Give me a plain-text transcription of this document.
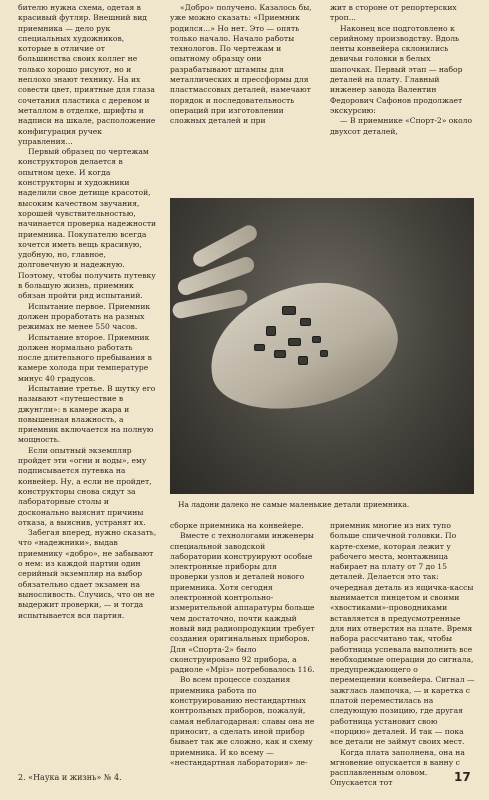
бителю нужна схема, одетая в красивый футляр. Внешний вид приемника — дело рук специальных художников, которые в отличие от большинства своих коллег не только хорошо рисуют, но и неплохо знают технику. На их совести цвет, приятные для глаза сочетания пластика с деревом и металлом в отделке, шрифты и надписи на шкале, расположение конфигурация ручек управления...

Первый образец по чертежам конструкторов делается в опытном цехе. И когда конструкторы и художники наделили свое детище красотой, высоким качеством звучания, хорошей чувствительностью, начинается проверка надежности приемника. Покупателю всегда хочется иметь вещь красивую, удобную, но, главное, долговечную и надежную. Поэтому, чтобы получить путевку в большую жизнь, приемник обязан пройти ряд испытаний.

Испытание первое. Приемник должен проработать на разных режимах не менее 550 часов.

Испытание второе. Приемник должен нормально работать после длительного пребывания в камере холода при температуре минус 40 градусов.

Испытание третье. В шутку его называют «путешествие в джунгли»: в камере жара и повышенная влажность, а приемник включается на полную мощность.

Если опытный экземпляр пройдет эти «огни и воды», ему подписывается путевка на конвейер. Ну, а если не пройдет, конструкторы снова сядут за лабораторные столы и досконально выяснят причины отказа, а выяснив, устранят их.

Забегая вперед, нужно сказать, что «надежники», выдав приемнику «добро», не забывают о нем: из каждой партии один серийный экземпляр на выбор обязательно сдает экзамен на выносливость. Случись, что он не выдержит проверки, — и тогда испытывается вся партия.

«Добро» получено. Казалось бы, уже можно сказать: «Приемник родился...» Но нет. Это — опять только начало. Начало работы технологов. По чертежам и опытному образцу они разрабатывают штампы для металлических и прессформы для пластмассовых деталей, намечают порядок и последовательность операций при изготовлении сложных деталей и при

жит в стороне от репортерских троп...

Наконец все подготовлено к серийному производству. Вдоль ленты конвейера склонились девичьи головки в белых шапочках. Первый этап — набор деталей на плату. Главный инженер завода Валентин Федорович Сафонов продолжает экскурсию:

— В приемнике «Спорт-2» около двухсот деталей,

На ладони далеко не самые маленькие детали приемника.

сборке приемника на конвейере.

Вместе с технологами инженеры специальной заводской лаборатории конструируют особые электронные приборы для проверки узлов и деталей нового приемника. Хотя сегодня электронной контрольно-измерительной аппаратуры больше чем достаточно, почти каждый новый вид радиопродукции требует создания оригинальных приборов. Для «Спорта-2» было сконструировано 92 прибора, а радиоле «Мріз» потребовалось 116.

Во всем процессе создания приемника работа по конструированию нестандартных контрольных приборов, пожалуй, самая неблагодарная: славы она не приносит, а сделать иной прибор бывает так же сложно, как и схему приемника. И ко всему — «нестандартная лаборатория» ле-

приемник многие из них тупо больше спичечной головки. По карте-схеме, которая лежит у рабочего места, монтажница набирает на плату от 7 до 15 деталей. Делается это так: очередная деталь из ящичка-кассы вынимается пинцетом и своими «хвостиками»-проводниками вставляется в предусмотренные для них отверстия на плате. Время набора рассчитано так, чтобы работница успевала выполнить все необходимые операции до сигнала, предупреждающего о перемещении конвейера. Сигнал — зажглась лампочка, — и каретка с платой переместилась на следующую позицию, где другая работница установит свою «порцию» деталей. И так — пока все детали не займут своих мест.

Когда плата заполнена, она на мгновение опускается в ванну с расплавленным оловом. Опускается тот

2. «Наука и жизнь» № 4.	17
